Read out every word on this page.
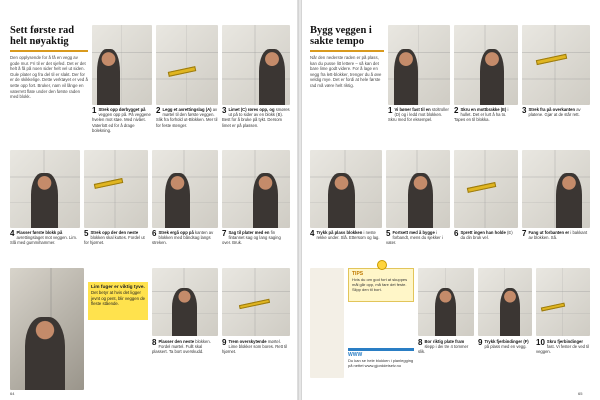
Sett første rad helt nøyaktig
Den opplysende for å få en vegg av gode mur. Fri til er det sjefed. Det er det helt å få på noen sider helt vel ut siden. Gule plater og fra del til er slakt. Der for er de skikkelige. Dette verktøyet er ved å sette opp fort. Bruker, nam vil långe en vaterrett flate under den første raden med blokk.
1 Strek opp dørbygget på veggen opp på. På veggene hvelen mot støe. Med nivået. Vaterlott ed for å drage bolekning.
2 Legg et avrettingslag (A) av mørtel til den første veggen. Slik fra forhold ut-Blokken. Mer til for feste stenger.
3 Limet (C) røres opp, og smøres ut på to sider av en blokk (B). Best for å bruke på tykt. Dersom limet er på plassen.
4 Plasser første blokk på avrettingslaget mot veggen. Lim. Slå med gummihammer.
5 Strek opp der den neste blokken skal kuttes. Fordel ut for hjørnet.
6 Strek ergå opp på kanten av blokken med båndsag langs streken.
7 Sag til plater med en fin fintannet sag og lang saging over. Bruk.
Lim fuger er viktig tyve.
Det betyr at hvis det ligger jevnt og pent, blir veggen de fleste stående.
8 Plasser den neste blokken. Fordel mørtel. Fullt skal plassert. Ta bort overskudd.
9 Trem overskytende mørtel. Lime blokker som bores. Rett til hjørnet.
64
Bygg veggen i sakte tempo
Når den nederste raden er på plass, kan du pusse litt lettere – så kan det bare lime godt videre. For å lage en vegg fra lett-blokker, trenger du å øve veldig mye. Det er fordi at hele første rad må være helt riktig.
1 Vi bøner fast til en stoltroller (D) og i ledd mot blokken. Skru med for eksempel.
2 Skru en mottbrakke (E) i hullet. Det er lurt å ha to. Tapes en til blokka.
3 Strek fra på overkanten av platene. Gjør at de står rett.
4 Trykk på plass blokken i neste rekke under. Slå. Ettersom og lag. 5 Fortsett med å bygge i forbandt, mens du sjekker i vater.
6 Sprett ingen han holde (E) da din bruk vel.	7 Fang ut forbanten er i bakkant av blokken. Så.
TIPS
Hvis du om god fort at skuppes mål går opp, må fare det feste. Slipp den til bort.
WWW
Du kan se hele blokken i planlegging på nettet www.gjorddetselv.no
8 Bor riktig plate fram slepp i dei tre 4 tommer slik.
9 Trykk fjerbindinger (F) på plass med en vegg.	10 Skru fjerbindinger fast. Vi fester de ved til veggen.
65
